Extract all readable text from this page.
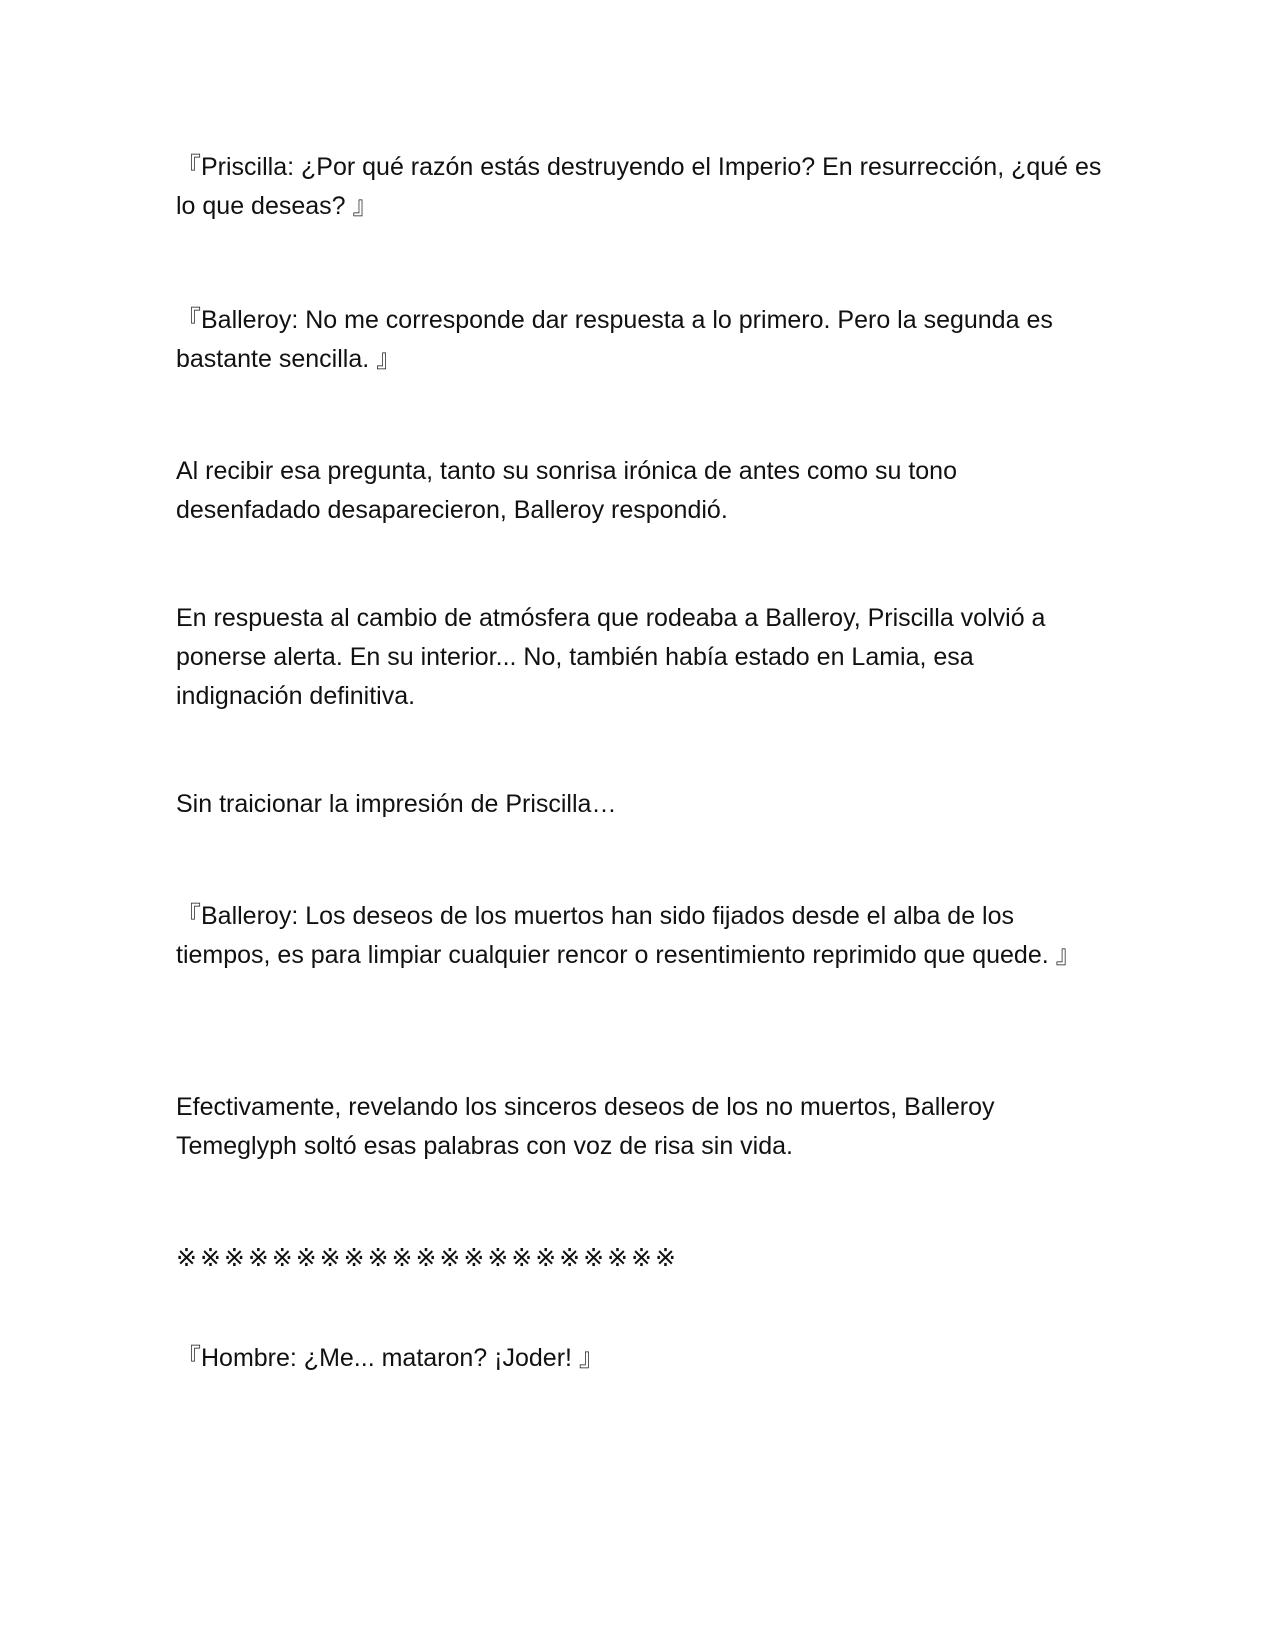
『Priscilla: ¿Por qué razón estás destruyendo el Imperio? En resurrección, ¿qué es lo que deseas? 』

『Balleroy: No me corresponde dar respuesta a lo primero. Pero la segunda es bastante sencilla. 』

Al recibir esa pregunta, tanto su sonrisa irónica de antes como su tono desenfadado desaparecieron, Balleroy respondió.

En respuesta al cambio de atmósfera que rodeaba a Balleroy, Priscilla volvió a ponerse alerta. En su interior... No, también había estado en Lamia, esa indignación definitiva.

Sin traicionar la impresión de Priscilla…

『Balleroy: Los deseos de los muertos han sido fijados desde el alba de los tiempos, es para limpiar cualquier rencor o resentimiento reprimido que quede. 』

Efectivamente, revelando los sinceros deseos de los no muertos, Balleroy Temeglyph soltó esas palabras con voz de risa sin vida.

※※※※※※※※※※※※※※※※※※※※※

『Hombre: ¿Me... mataron? ¡Joder! 』
